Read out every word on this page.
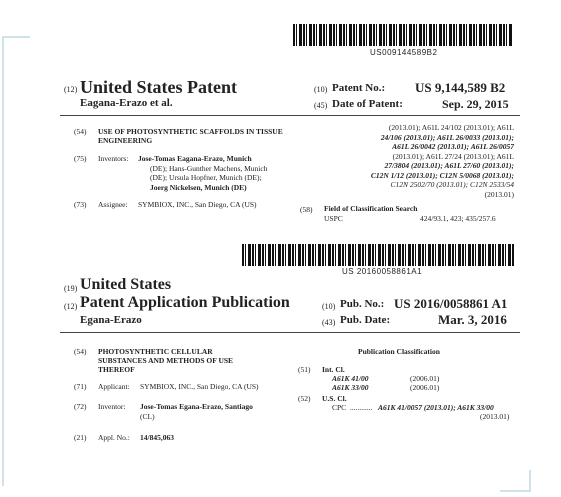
US009144589B2
(12) United States Patent
Eagana-Erazo et al.
(10) Patent No.: US 9,144,589 B2
(45) Date of Patent:	Sep. 29, 2015
(54) USE OF PHOTOSYNTHETIC SCAFFOLDS IN TISSUE ENGINEERING
(75) Inventors: Jose-Tomas Eagana-Erazo, Munich
(DE); Hans-Gunther Machens, Munich
(DE); Ursula Hopfner, Munich (DE);
Joerg Nickelsen, Munich (DE)
(73) Assignee: SYMBIOX, INC., San Diego, CA (US)
(2013.01); A61L 24/102 (2013.01); A61L
24/106 (2013.01); A61L 26/0033 (2013.01);
A61L 26/0042 (2013.01); A61L 26/0057
(2013.01); A61L 27/24 (2013.01); A61L
27/3804 (2013.01); A61L 27/60 (2013.01);
C12N 1/12 (2013.01); C12N 5/0068 (2013.01);
C12N 2502/70 (2013.01); C12N 2533/54
(2013.01)
(58) Field of Classification Search
USPC	424/93.1, 423; 435/257.6
US 20160058861A1
(19) United States
(12) Patent Application Publication
Egana-Erazo
(10) Pub. No.: US 2016/0058861 A1
(43) Pub. Date:	Mar. 3, 2016
(54) PHOTOSYNTHETIC CELLULAR
SUBSTANCES AND METHODS OF USE
THEREOF
(71) Applicant: SYMBIOX, INC., San Diego, CA (US)
(72) Inventor: Jose-Tomas Egana-Erazo, Santiago
(CL)
(21) Appl. No.: 14/845,063
Publication Classification
(51) Int. Cl.
A61K 41/00	(2006.01)
A61K 33/00	(2006.01)
(52) U.S. Cl.
CPC ............ A61K 41/0057 (2013.01); A61K 33/00
(2013.01)
